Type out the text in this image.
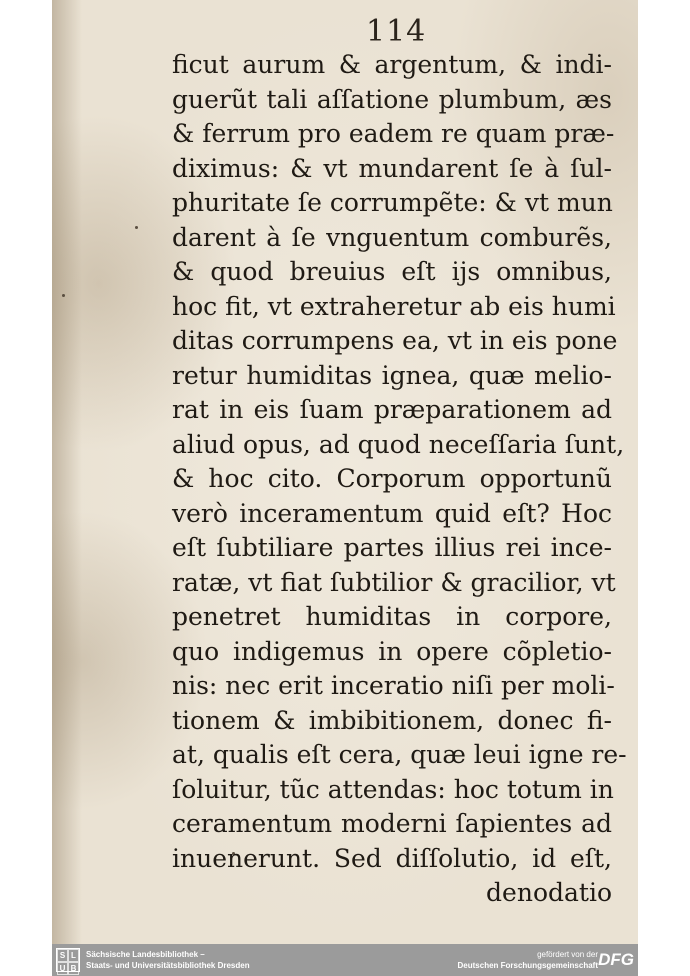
114
ficut aurum & argentum, & indi-
guerũt tali aſſatione plumbum, æs
& ferrum pro eadem re quam præ-
diximus: & vt mundarent ſe à ſul-
phuritate ſe corrumpẽte: & vt mun
darent à ſe vnguentum comburẽs,
& quod breuius eſt ijs omnibus,
hoc fit, vt extraheretur ab eis humi
ditas corrumpens ea, vt in eis pone
retur humiditas ignea, quæ melio-
rat in eis ſuam præparationem ad
aliud opus, ad quod neceſſaria ſunt,
& hoc cito. Corporum opportunũ
verò inceramentum quid eſt? Hoc
eſt ſubtiliare partes illius rei ince-
ratæ, vt fiat ſubtilior & gracilior, vt
penetret humiditas in corpore,
quo indigemus in opere cõpletio-
nis: nec erit inceratio niſi per moli-
tionem & imbibitionem, donec fi-
at, qualis eſt cera, quæ leui igne re-
ſoluitur, tũc attendas: hoc totum in
ceramentum moderni ſapientes ad
inuenerunt. Sed diſſolutio, id eſt,
denodatio
S L
U B
Sächsische Landesbibliothek –
Staats- und Universitätsbibliothek Dresden
gefördert von der
Deutschen Forschungsgemeinschaft DFG
